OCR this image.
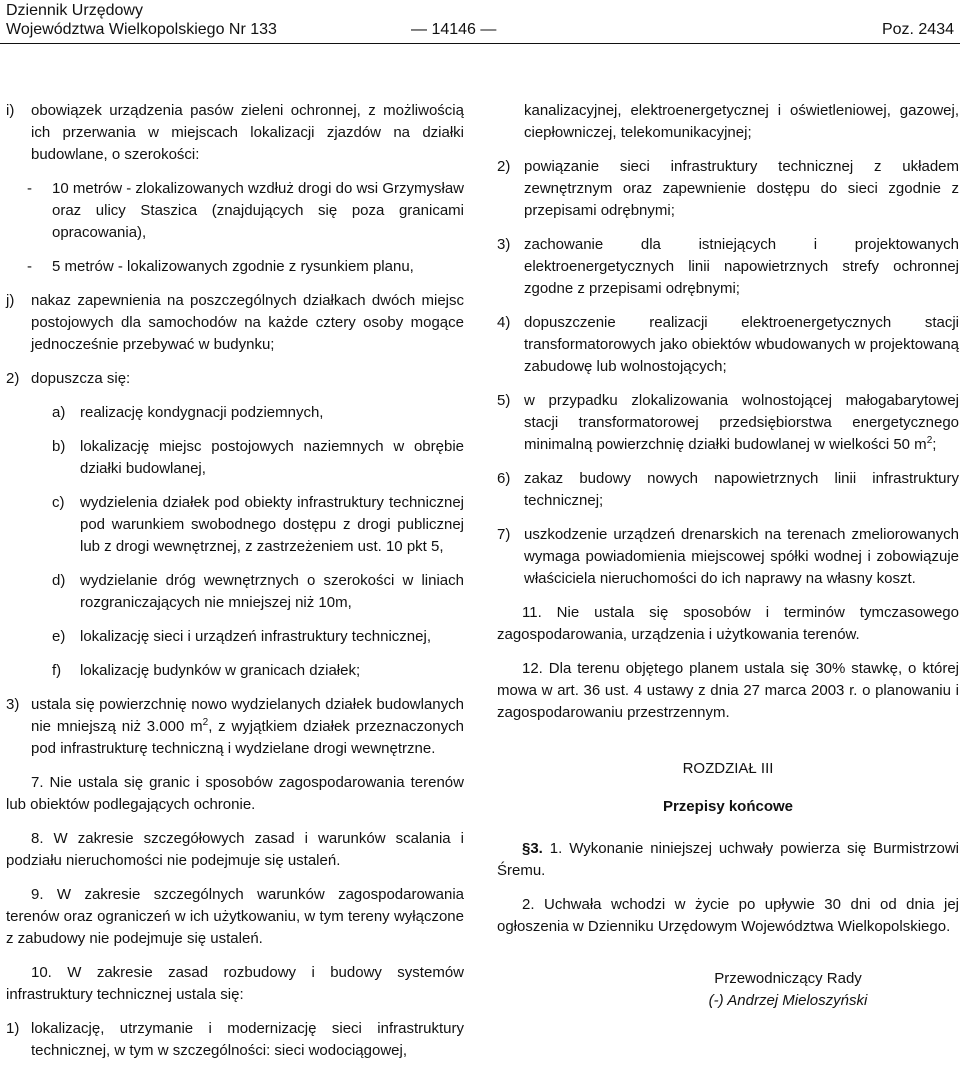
Dziennik Urzędowy
Województwa Wielkopolskiego Nr 133	— 14146 —	Poz. 2434
i) obowiązek urządzenia pasów zieleni ochronnej, z możliwością ich przerwania w miejscach lokalizacji zjazdów na działki budowlane, o szerokości:
- 10 metrów - zlokalizowanych wzdłuż drogi do wsi Grzymysław oraz ulicy Staszica (znajdujących się poza granicami opracowania),
- 5 metrów - lokalizowanych zgodnie z rysunkiem planu,
j) nakaz zapewnienia na poszczególnych działkach dwóch miejsc postojowych dla samochodów na każde cztery osoby mogące jednocześnie przebywać w budynku;
2) dopuszcza się:
a) realizację kondygnacji podziemnych,
b) lokalizację miejsc postojowych naziemnych w obrębie działki budowlanej,
c) wydzielenia działek pod obiekty infrastruktury technicznej pod warunkiem swobodnego dostępu z drogi publicznej lub z drogi wewnętrznej, z zastrzeżeniem ust. 10 pkt 5,
d) wydzielanie dróg wewnętrznych o szerokości w liniach rozgraniczających nie mniejszej niż 10m,
e) lokalizację sieci i urządzeń infrastruktury technicznej,
f) lokalizację budynków w granicach działek;
3) ustala się powierzchnię nowo wydzielanych działek budowlanych nie mniejszą niż 3.000 $m^2$, z wyjątkiem działek przeznaczonych pod infrastrukturę techniczną i wydzielane drogi wewnętrzne.
7. Nie ustala się granic i sposobów zagospodarowania terenów lub obiektów podlegających ochronie.
8. W zakresie szczegółowych zasad i warunków scalania i podziału nieruchomości nie podejmuje się ustaleń.
9. W zakresie szczególnych warunków zagospodarowania terenów oraz ograniczeń w ich użytkowaniu, w tym tereny wyłączone z zabudowy nie podejmuje się ustaleń.
10. W zakresie zasad rozbudowy i budowy systemów infrastruktury technicznej ustala się:
1) lokalizację, utrzymanie i modernizację sieci infrastruktury technicznej, w tym w szczególności: sieci wodociągowej,
kanalizacyjnej, elektroenergetycznej i oświetleniowej, gazowej, ciepłowniczej, telekomunikacyjnej;
2) powiązanie sieci infrastruktury technicznej z układem zewnętrznym oraz zapewnienie dostępu do sieci zgodnie z przepisami odrębnymi;
3) zachowanie dla istniejących i projektowanych elektroenergetycznych linii napowietrznych strefy ochronnej zgodne z przepisami odrębnymi;
4) dopuszczenie realizacji elektroenergetycznych stacji transformatorowych jako obiektów wbudowanych w projektowaną zabudowę lub wolnostojących;
5) w przypadku zlokalizowania wolnostojącej małogabarytowej stacji transformatorowej przedsiębiorstwa energetycznego minimalną powierzchnię działki budowlanej w wielkości 50 $m^2$;
6) zakaz budowy nowych napowietrznych linii infrastruktury technicznej;
7) uszkodzenie urządzeń drenarskich na terenach zmeliorowanych wymaga powiadomienia miejscowej spółki wodnej i zobowiązuje właściciela nieruchomości do ich naprawy na własny koszt.
11. Nie ustala się sposobów i terminów tymczasowego zagospodarowania, urządzenia i użytkowania terenów.
12. Dla terenu objętego planem ustala się 30% stawkę, o której mowa w art. 36 ust. 4 ustawy z dnia 27 marca 2003 r. o planowaniu i zagospodarowaniu przestrzennym.
ROZDZIAŁ III
Przepisy końcowe
§3. 1. Wykonanie niniejszej uchwały powierza się Burmistrzowi Śremu.
2. Uchwała wchodzi w życie po upływie 30 dni od dnia jej ogłoszenia w Dzienniku Urzędowym Województwa Wielkopolskiego.
Przewodniczący Rady
(-) Andrzej Mieloszyński
